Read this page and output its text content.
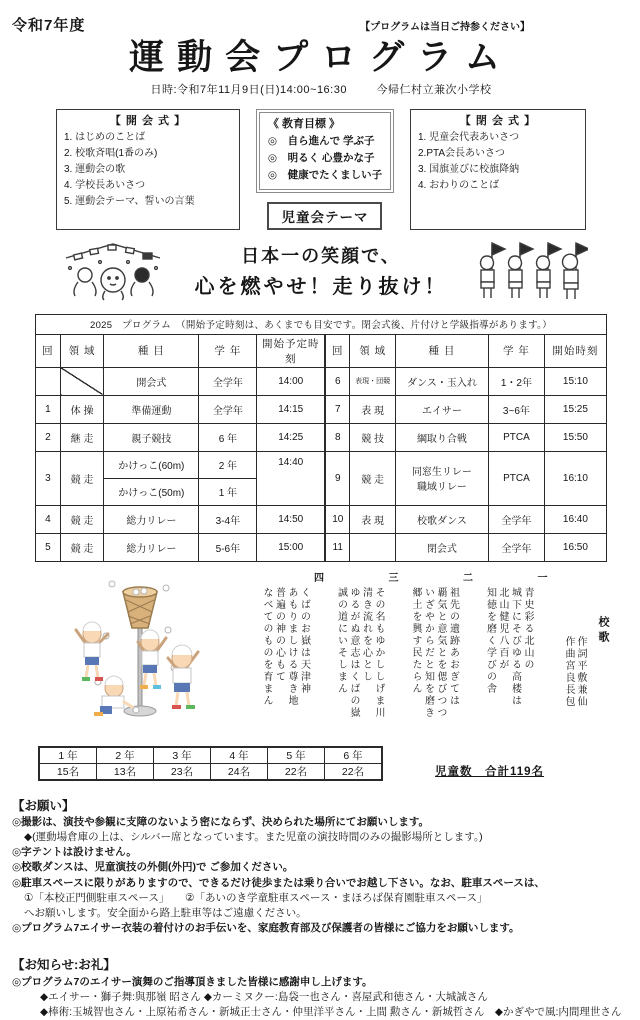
令和7年度	【プログラムは当日ご持参ください】
運動会プログラム
日時:令和7年11月9日(日)14:00~16:30	今帰仁村立兼次小学校
【 開 会 式 】
1. はじめのことば
2. 校歌斉唱(1番のみ)
3. 運動会の歌
4. 学校長あいさつ
5. 運動会テーマ、誓いの言葉
《 教育目標 》
◎　自ら進んで 学ぶ子
◎　明るく 心豊かな子
◎　健康でたくましい子
児童会テーマ
【 閉 会 式 】
1. 児童会代表あいさつ
2.PTA会長あいさつ
3. 国旗並びに校旗降納
4. おわりのことば
日本一の笑顔で、
心を燃やせ！走り抜け！
2025　プログラム　（開始予定時刻は、あくまでも目安です。閉会式後、片付けと学級指導があります。）									
回	領 域	種 目	学 年	開始予定時刻	回	領 域	種 目	学 年	開始時刻
		開会式	全学年	14:00	6	表現・団競	ダンス・玉入れ	1・2年	15:10
1	体 操	準備運動	全学年	14:15	7	表 現	エイサー	3~6年	15:25
2	継 走	親子競技	6 年	14:25	8	競 技	綱取り合戦	PTCA	15:50
3	競 走	かけっこ(60m)	2 年	14:40	9	競 走	同窓生リレー
職域リレー	PTCA	16:10
		かけっこ(50m)	1 年						
4	競 走	総力リレー	3-4年	14:50	10	表 現	校歌ダンス	全学年	16:40
5	競 走	総力リレー	5-6年	15:00	11		閉会式	全学年	16:50
校歌
作詞平敷兼仙
作曲宮良長包
一
青史彩る北山の
城下にそびゆる高楼は
北山健児八百が
知徳を磨く学びの舎
二
祖先の遺跡あおぎては
覇気と意気とを偲びつつ
いざやからだと知を磨き
郷土を興す民たらん
三
その名もゆかししげま川
清き流れを心とし
ゆるがぬ意志はくばの嶽
誠の道にいそしまん
四
くばのお嶽は天津神
あもりましける尊き地
普遍の神の心もて
なべてのものを育まん
1 年	2 年	3 年	4 年	5 年	6 年
15名	13名	23名	24名	22名	22名	児童数　合計119名
【お願い】
◎撮影は、演技や参観に支障のないよう密にならず、決められた場所にてお願いします。
◆(運動場倉庫の上は、シルバー席となっています。また児童の演技時間のみの撮影場所とします。)
◎字テントは設けません。
◎校歌ダンスは、児童演技の外側(外円)で ご参加ください。
◎駐車スペースに限りがありますので、できるだけ徒歩または乗り合いでお越し下さい。なお、駐車スペースは、
①「本校正門側駐車スペース」　　②「あいのき学童駐車スペース・まほろば保育園駐車スペース」
へお願いします。安全面から路上駐車等はご遠慮ください。
◎プログラム7エイサー衣装の着付けのお手伝いを、家庭教育部及び保護者の皆様にご協力をお願いします。
【お知らせ:お礼】
◎プログラム7のエイサー演舞のご指導頂きました皆様に感謝申し上げます。
◆エイサー・獅子舞:與那嶺 昭さん ◆カーミヌクー:島袋一也さん・喜屋武和徳さん・大城誠さん
◆棒術:玉城智也さん・上原祐希さん・新城正士さん・仲里洋平さん・上間 勲さん・新城哲さん　◆かぎやで風:内間理世さん
